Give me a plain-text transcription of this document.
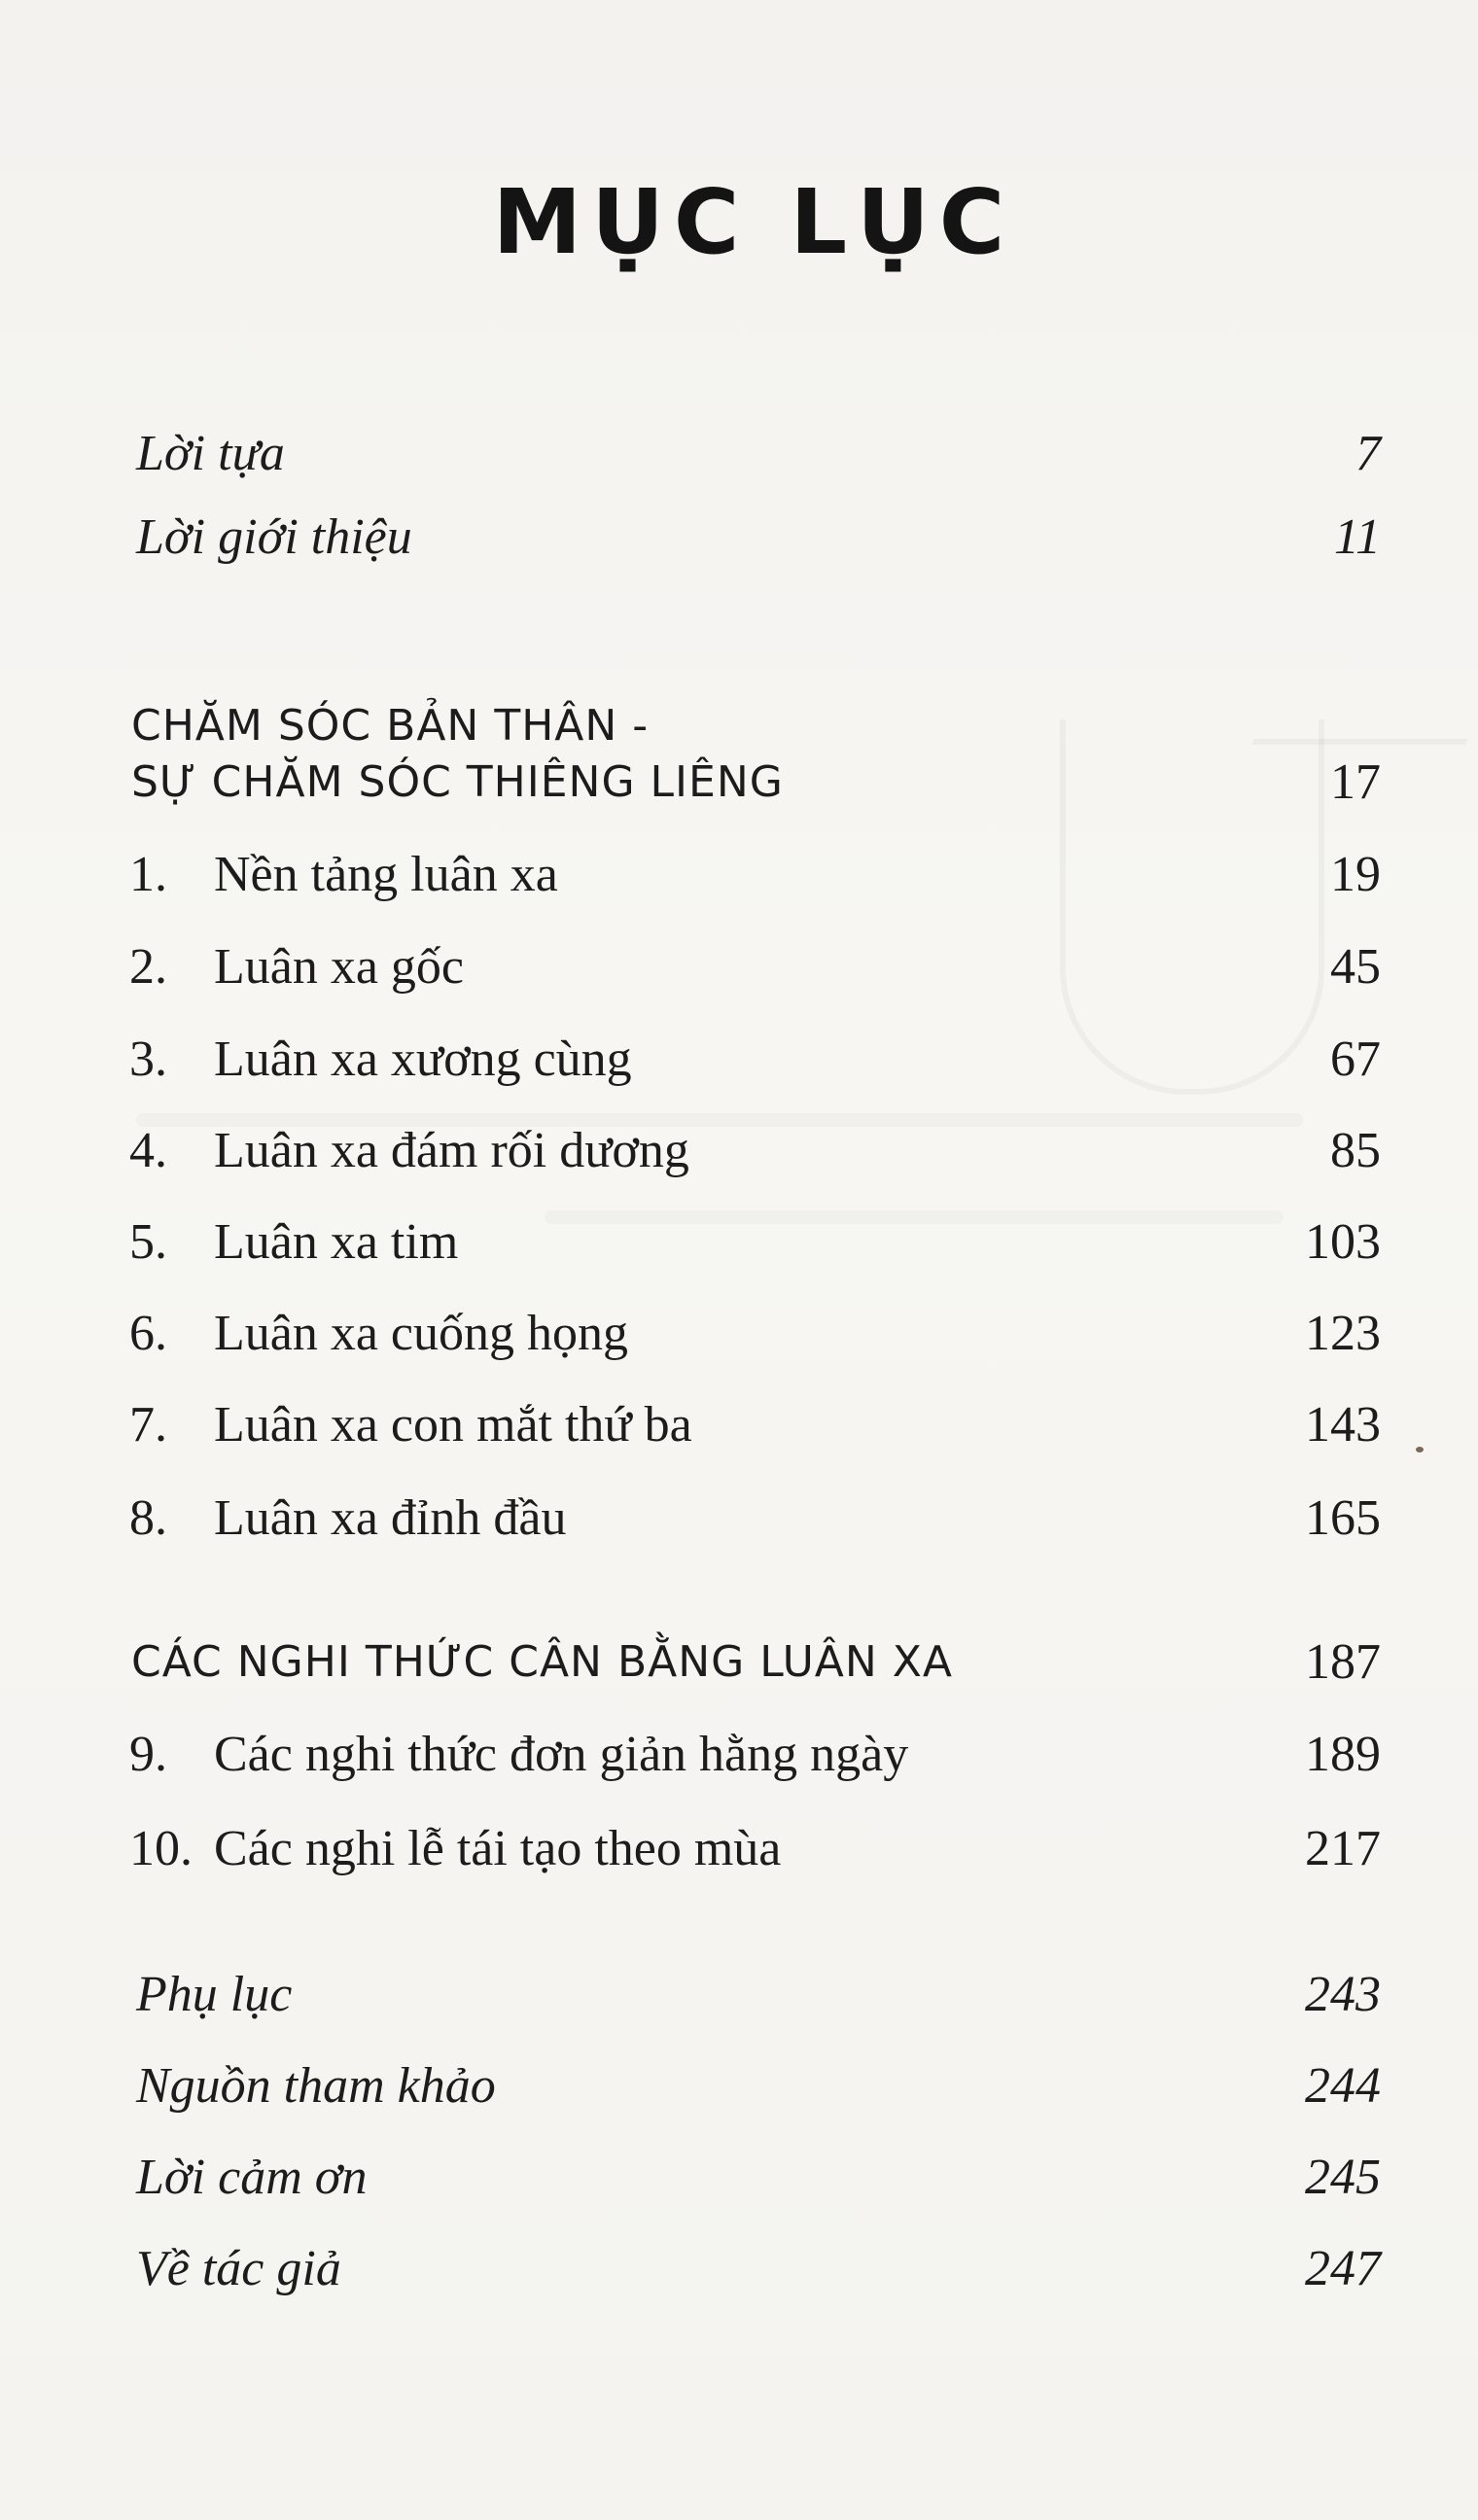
MỤC LỤC
Lời tựa	7
Lời giới thiệu	11
CHĂM SÓC BẢN THÂN -
SỰ CHĂM SÓC THIÊNG LIÊNG	17
1. Nền tảng luân xa	19
2. Luân xa gốc	45
3. Luân xa xương cùng	67
4. Luân xa đám rối dương	85
5. Luân xa tim	103
6. Luân xa cuống họng	123
7. Luân xa con mắt thứ ba	143
8. Luân xa đỉnh đầu	165
CÁC NGHI THỨC CÂN BẰNG LUÂN XA	187
9. Các nghi thức đơn giản hằng ngày	189
10. Các nghi lễ tái tạo theo mùa	217
Phụ lục	243
Nguồn tham khảo	244
Lời cảm ơn	245
Về tác giả	247
